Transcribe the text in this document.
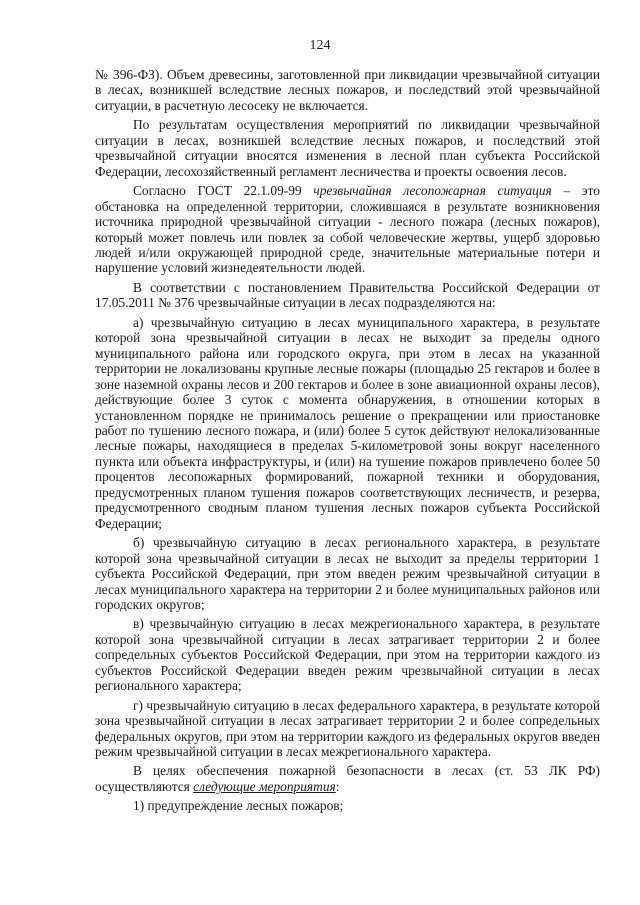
124

№ 396-ФЗ). Объем древесины, заготовленной при ликвидации чрезвычайной ситуации в лесах, возникшей вследствие лесных пожаров, и последствий этой чрезвычайной ситуации, в расчетную лесосеку не включается.

По результатам осуществления мероприятий по ликвидации чрезвычайной ситуации в лесах, возникшей вследствие лесных пожаров, и последствий этой чрезвычайной ситуации вносятся изменения в лесной план субъекта Российской Федерации, лесохозяйственный регламент лесничества и проекты освоения лесов.

Согласно ГОСТ 22.1.09-99 чрезвычайная лесопожарная ситуация – это обстановка на определенной территории, сложившаяся в результате возникновения источника природной чрезвычайной ситуации - лесного пожара (лесных пожаров), который может повлечь или повлек за собой человеческие жертвы, ущерб здоровью людей и/или окружающей природной среде, значительные материальные потери и нарушение условий жизнедеятельности людей.

В соответствии с постановлением Правительства Российской Федерации от 17.05.2011 № 376 чрезвычайные ситуации в лесах подразделяются на:

а) чрезвычайную ситуацию в лесах муниципального характера, в результате которой зона чрезвычайной ситуации в лесах не выходит за пределы одного муниципального района или городского округа, при этом в лесах на указанной территории не локализованы крупные лесные пожары (площадью 25 гектаров и более в зоне наземной охраны лесов и 200 гектаров и более в зоне авиационной охраны лесов), действующие более 3 суток с момента обнаружения, в отношении которых в установленном порядке не принималось решение о прекращении или приостановке работ по тушению лесного пожара, и (или) более 5 суток действуют нелокализованные лесные пожары, находящиеся в пределах 5-километровой зоны вокруг населенного пункта или объекта инфраструктуры, и (или) на тушение пожаров привлечено более 50 процентов лесопожарных формирований, пожарной техники и оборудования, предусмотренных планом тушения пожаров соответствующих лесничеств, и резерва, предусмотренного сводным планом тушения лесных пожаров субъекта Российской Федерации;

б) чрезвычайную ситуацию в лесах регионального характера, в результате которой зона чрезвычайной ситуации в лесах не выходит за пределы территории 1 субъекта Российской Федерации, при этом введен режим чрезвычайной ситуации в лесах муниципального характера на территории 2 и более муниципальных районов или городских округов;

в) чрезвычайную ситуацию в лесах межрегионального характера, в результате которой зона чрезвычайной ситуации в лесах затрагивает территории 2 и более сопредельных субъектов Российской Федерации, при этом на территории каждого из субъектов Российской Федерации введен режим чрезвычайной ситуации в лесах регионального характера;

г) чрезвычайную ситуацию в лесах федерального характера, в результате которой зона чрезвычайной ситуации в лесах затрагивает территории 2 и более сопредельных федеральных округов, при этом на территории каждого из федеральных округов введен режим чрезвычайной ситуации в лесах межрегионального характера.

В целях обеспечения пожарной безопасности в лесах (ст. 53 ЛК РФ) осуществляются следующие мероприятия:

1) предупреждение лесных пожаров;
